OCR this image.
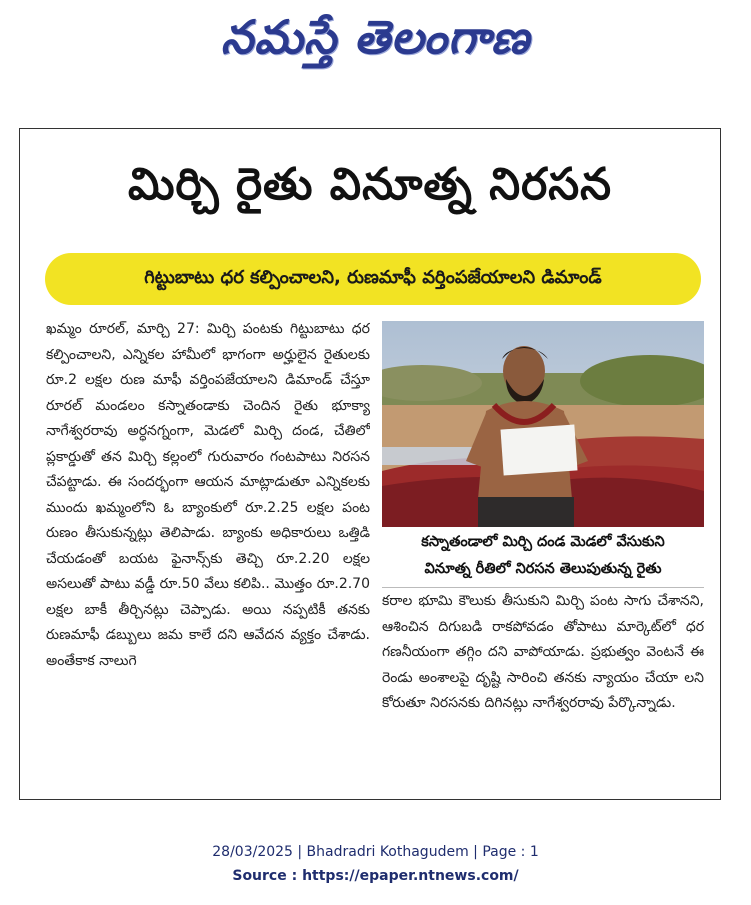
నమస్తే తెలంగాణ
మిర్చి రైతు వినూత్న నిరసన
గిట్టుబాటు ధర కల్పించాలని, రుణమాఫీ వర్తింపజేయాలని డిమాండ్
ఖమ్మం రూరల్, మార్చి 27: మిర్చి పంటకు గిట్టుబాటు ధర కల్పించాలని, ఎన్నికల హామీలో భాగంగా అర్హులైన రైతులకు రూ.2 లక్షల రుణ మాఫీ వర్తింపజేయాలని డిమాండ్ చేస్తూ రూరల్ మండలం కస్నాతండాకు చెందిన రైతు భూక్యా నాగేశ్వరరావు అర్ధనగ్నంగా, మెడలో మిర్చి దండ, చేతిలో ప్లకార్డుతో తన మిర్చి కల్లంలో గురువారం గంటపాటు నిరసన చేపట్టాడు. ఈ సందర్భంగా ఆయన మాట్లాడుతూ ఎన్నికలకు ముందు ఖమ్మంలోని ఓ బ్యాంకులో రూ.2.25 లక్షల పంట రుణం తీసుకున్నట్లు తెలిపాడు. బ్యాంకు అధికారులు ఒత్తిడి చేయడంతో బయట ఫైనాన్స్‌కు తెచ్చి రూ.2.20 లక్షల అసలుతో పాటు వడ్డీ రూ.50 వేలు కలిపి.. మొత్తం రూ.2.70 లక్షల బాకీ తీర్చినట్లు చెప్పాడు. అయి నప్పటికీ తనకు రుణమాఫీ డబ్బులు జమ కాలే దని ఆవేదన వ్యక్తం చేశాడు. అంతేకాక నాలుగె
కస్నాతండాలో మిర్చి దండ మెడలో వేసుకుని
వినూత్న రీతిలో నిరసన తెలుపుతున్న రైతు
కరాల భూమి కౌలుకు తీసుకుని మిర్చి పంట సాగు చేశానని, ఆశించిన దిగుబడి రాకపోవడం తోపాటు మార్కెట్‌లో ధర గణనీయంగా తగ్గిం దని వాపోయాడు. ప్రభుత్వం వెంటనే ఈ రెండు అంశాలపై దృష్టి సారించి తనకు న్యాయం చేయా లని కోరుతూ నిరసనకు దిగినట్లు నాగేశ్వరరావు పేర్కొన్నాడు.
28/03/2025 | Bhadradri Kothagudem | Page : 1
Source : https://epaper.ntnews.com/
